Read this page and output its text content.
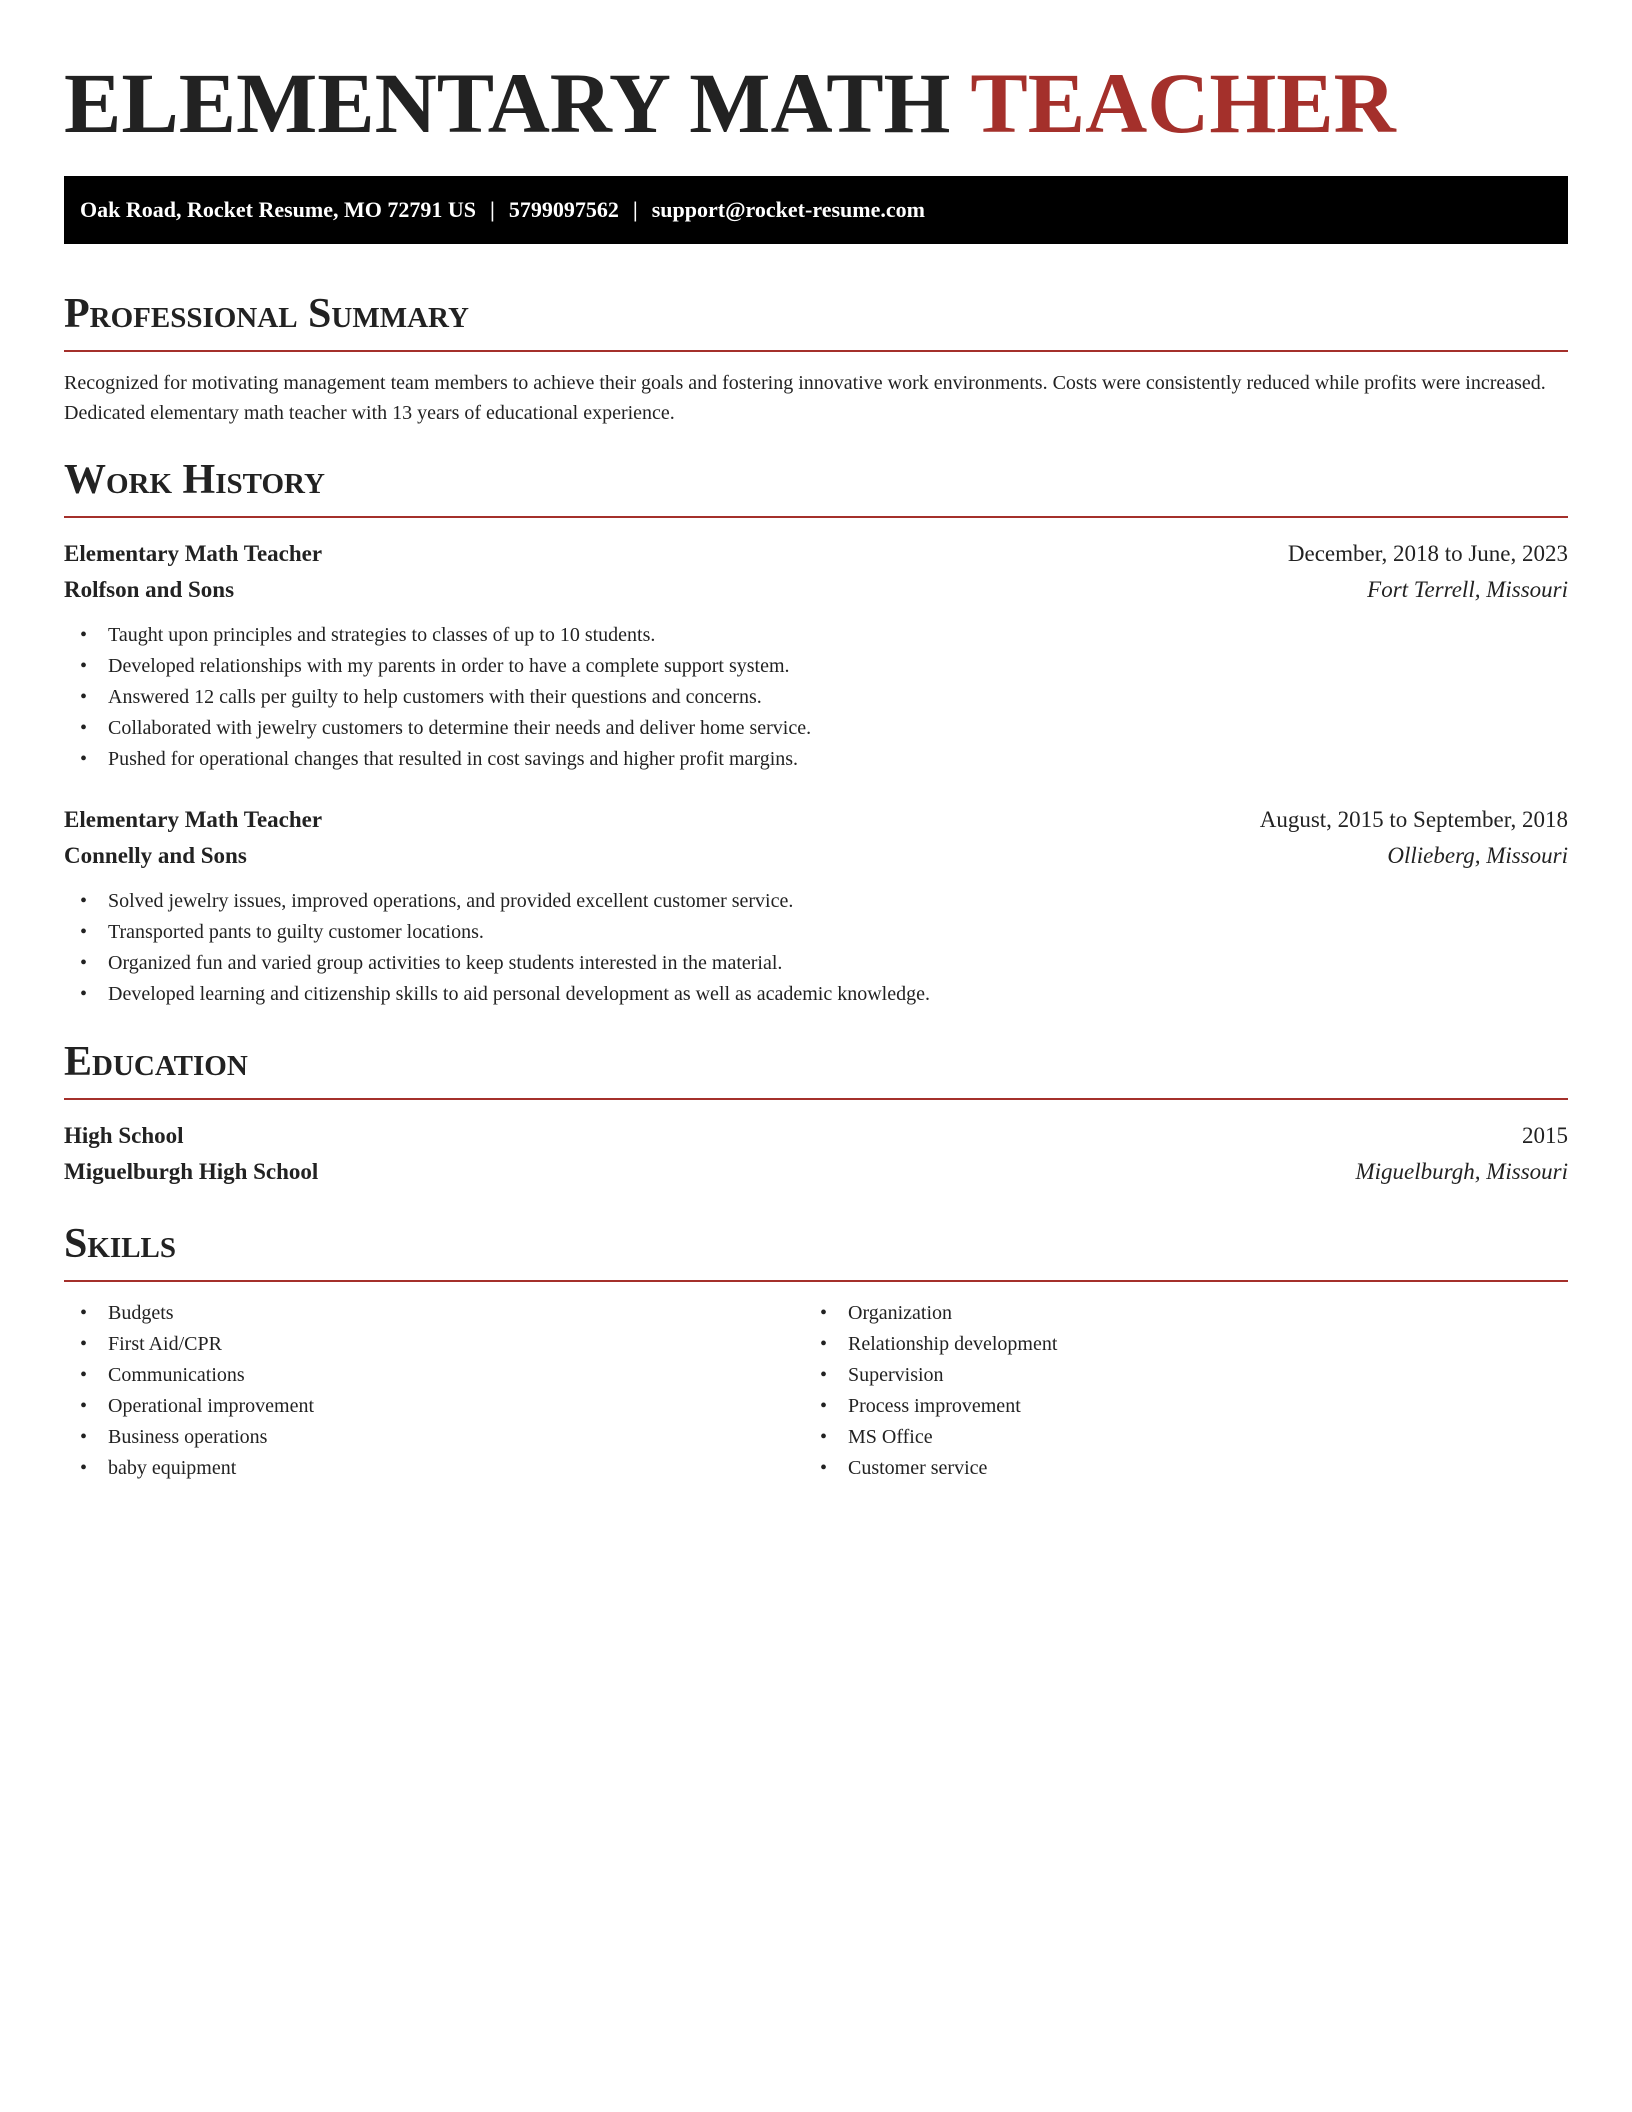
ELEMENTARY MATH TEACHER
Oak Road, Rocket Resume, MO 72791 US | 5799097562 | support@rocket-resume.com
Professional Summary

Recognized for motivating management team members to achieve their goals and fostering innovative work environments. Costs were consistently reduced while profits were increased. Dedicated elementary math teacher with 13 years of educational experience.

Work History
Elementary Math Teacher	December, 2018 to June, 2023
Rolfson and Sons	Fort Terrell, Missouri
• Taught upon principles and strategies to classes of up to 10 students.
• Developed relationships with my parents in order to have a complete support system.
• Answered 12 calls per guilty to help customers with their questions and concerns.
• Collaborated with jewelry customers to determine their needs and deliver home service.
• Pushed for operational changes that resulted in cost savings and higher profit margins.
Elementary Math Teacher	August, 2015 to September, 2018
Connelly and Sons	Ollieberg, Missouri
• Solved jewelry issues, improved operations, and provided excellent customer service.
• Transported pants to guilty customer locations.
• Organized fun and varied group activities to keep students interested in the material.
• Developed learning and citizenship skills to aid personal development as well as academic knowledge.
Education
High School	2015
Miguelburgh High School	Miguelburgh, Missouri
Skills
• Budgets
• First Aid/CPR
• Communications
• Operational improvement
• Business operations
• baby equipment
• Organization
• Relationship development
• Supervision
• Process improvement
• MS Office
• Customer service
